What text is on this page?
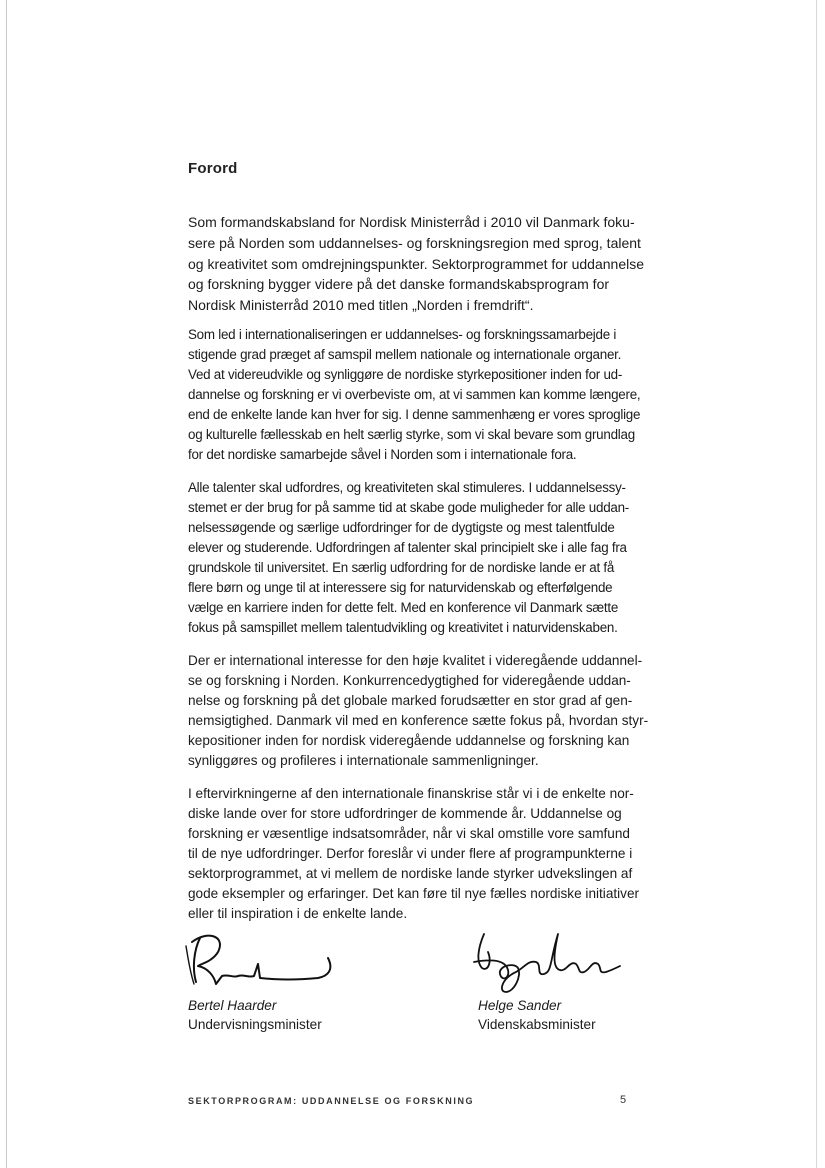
Forord

Som formandskabsland for Nordisk Ministerråd i 2010 vil Danmark foku-
sere på Norden som uddannelses- og forskningsregion med sprog, talent
og kreativitet som omdrejningspunkter. Sektorprogrammet for uddannelse
og forskning bygger videre på det danske formandskabsprogram for
Nordisk Ministerråd 2010 med titlen „Norden i fremdrift“.

Som led i internationaliseringen er uddannelses- og forskningssamarbejde i
stigende grad præget af samspil mellem nationale og internationale organer.
Ved at videreudvikle og synliggøre de nordiske styrkepositioner inden for ud-
dannelse og forskning er vi overbeviste om, at vi sammen kan komme længere,
end de enkelte lande kan hver for sig. I denne sammenhæng er vores sproglige
og kulturelle fællesskab en helt særlig styrke, som vi skal bevare som grundlag
for det nordiske samarbejde såvel i Norden som i internationale fora.

Alle talenter skal udfordres, og kreativiteten skal stimuleres. I uddannelsessy-
stemet er der brug for på samme tid at skabe gode muligheder for alle uddan-
nelsessøgende og særlige udfordringer for de dygtigste og mest talentfulde
elever og studerende. Udfordringen af talenter skal principielt ske i alle fag fra
grundskole til universitet. En særlig udfordring for de nordiske lande er at få
flere børn og unge til at interessere sig for naturvidenskab og efterfølgende
vælge en karriere inden for dette felt. Med en konference vil Danmark sætte
fokus på samspillet mellem talentudvikling og kreativitet i naturvidenskaben.

Der er international interesse for den høje kvalitet i videregående uddannel-
se og forskning i Norden. Konkurrencedygtighed for videregående uddan-
nelse og forskning på det globale marked forudsætter en stor grad af gen-
nemsigtighed. Danmark vil med en konference sætte fokus på, hvordan styr-
kepositioner inden for nordisk videregående uddannelse og forskning kan
synliggøres og profileres i internationale sammenligninger.

I eftervirkningerne af den internationale finanskrise står vi i de enkelte nor-
diske lande over for store udfordringer de kommende år. Uddannelse og
forskning er væsentlige indsatsområder, når vi skal omstille vore samfund
til de nye udfordringer. Derfor foreslår vi under flere af programpunkterne i
sektorprogrammet, at vi mellem de nordiske lande styrker udvekslingen af
gode eksempler og erfaringer. Det kan føre til nye fælles nordiske initiativer
eller til inspiration i de enkelte lande.

Bertel Haarder
Undervisningsminister
Helge Sander
Videnskabsminister
SEKTORPROGRAM: UDDANNELSE OG FORSKNING	5
